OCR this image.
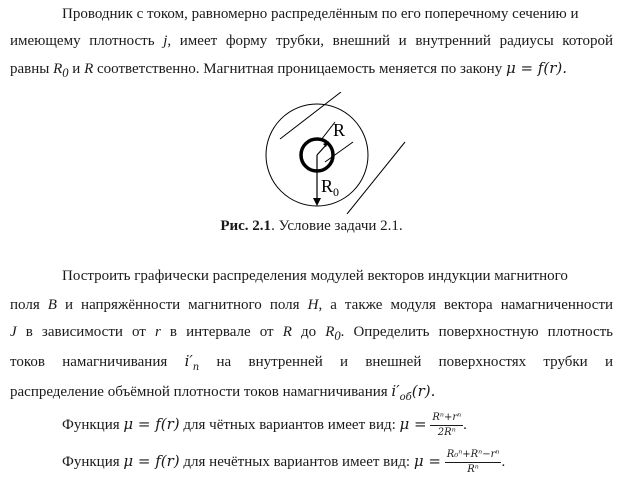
Проводник с током, равномерно распределённым по его поперечному сечению и
имеющему плотность j, имеет форму трубки, внешний и внутренний радиусы которой
равны $R_0$ и R соответственно. Магнитная проницаемость меняется по закону μ = f(r).
R
$R_0$
Рис. 2.1. Условие задачи 2.1.
Построить графически распределения модулей векторов индукции магнитного
поля B и напряжённости магнитного поля H, а также модуля вектора намагниченности
J в зависимости от r в интервале от R до $R_0$. Определить поверхностную плотность
токов намагничивания $i'_п$ на внутренней и внешней поверхностях трубки и
распределение объёмной плотности токов намагничивания $i'_{об}(r)$.
Функция μ = f(r) для чётных вариантов имеет вид: $\mu = \frac{\text{Rⁿ+rⁿ}}{\text{2Rⁿ}}$ .
Функция μ = f(r) для нечётных вариантов имеет вид: $\mu = \frac{\text{R₀ⁿ+Rⁿ−rⁿ}}{\text{Rⁿ}}$ .
